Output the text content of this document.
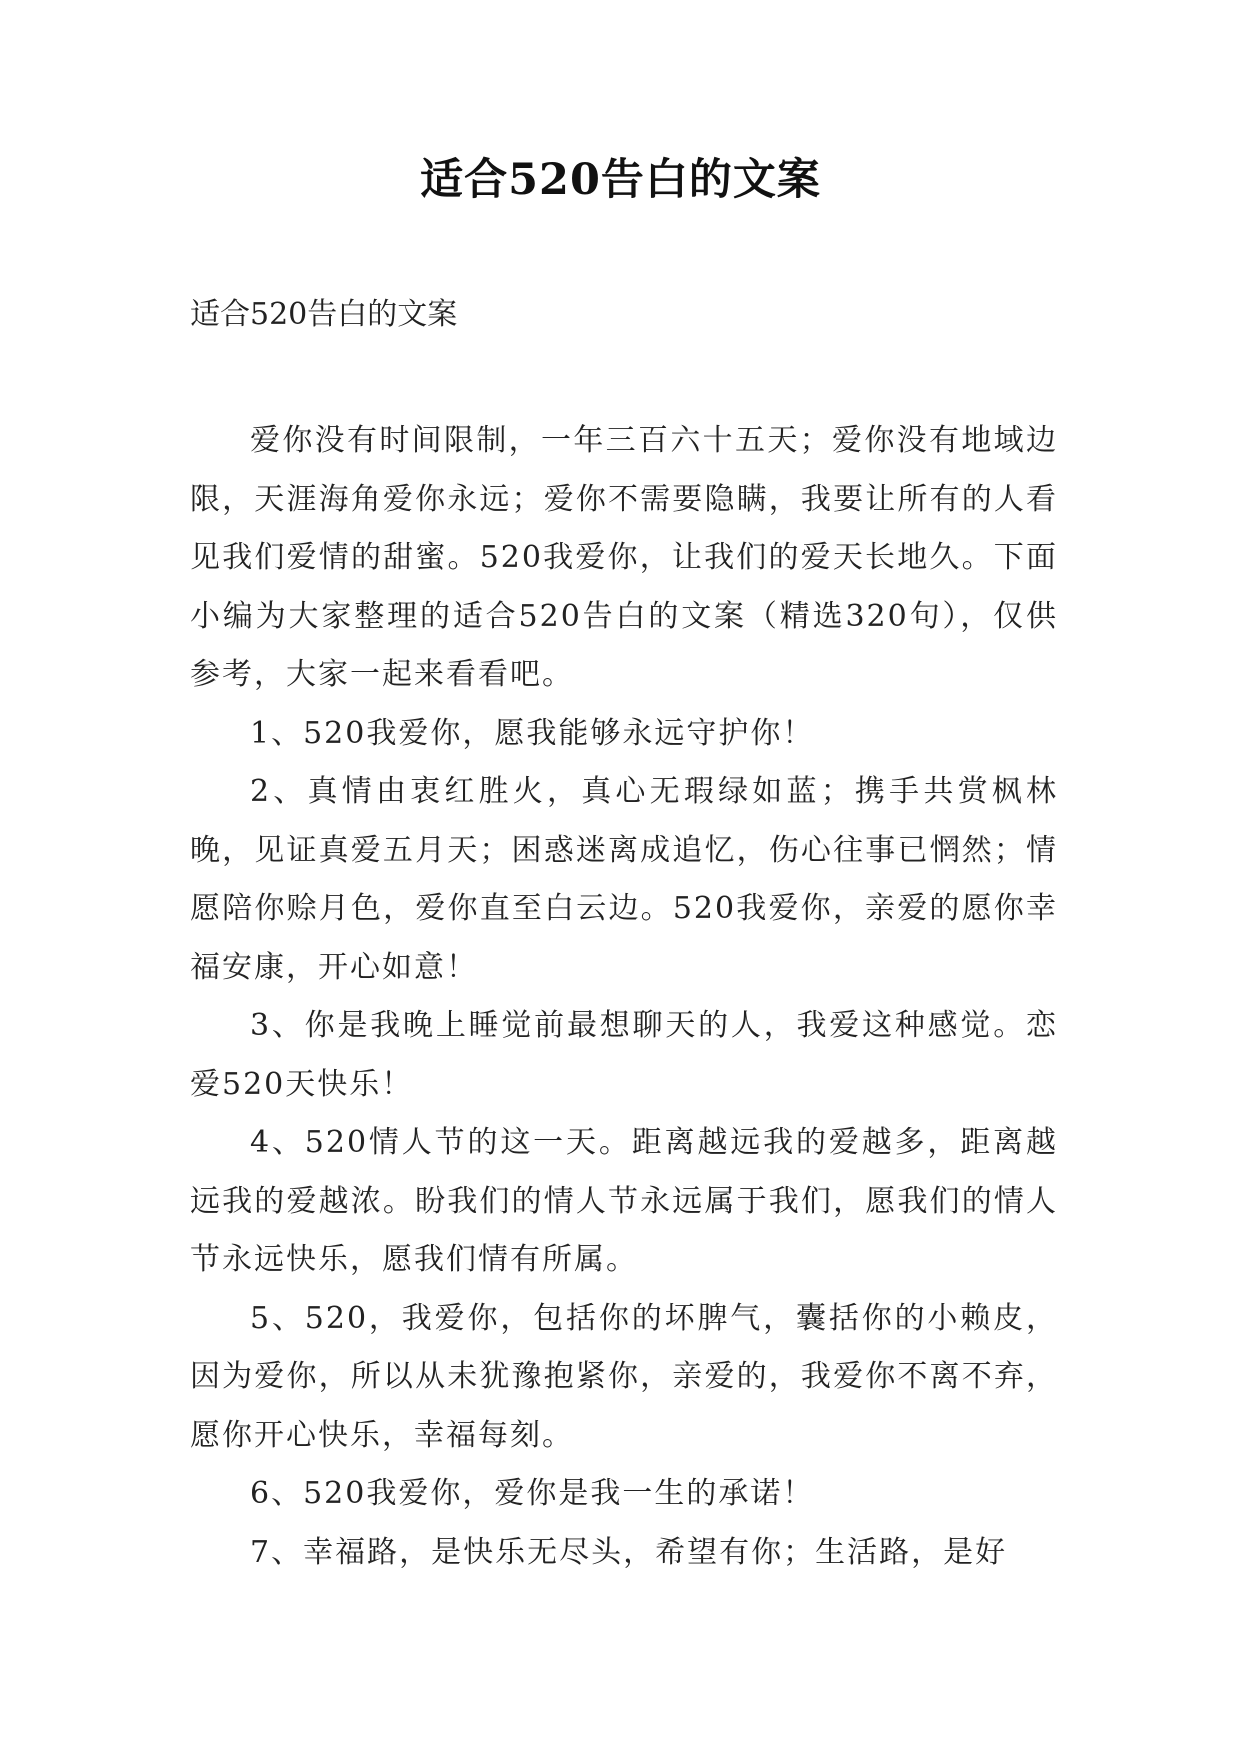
适合520告白的文案
适合520告白的文案

爱你没有时间限制，一年三百六十五天；爱你没有地域边限，天涯海角爱你永远；爱你不需要隐瞒，我要让所有的人看见我们爱情的甜蜜。520我爱你，让我们的爱天长地久。下面小编为大家整理的适合520告白的文案（精选320句），仅供参考，大家一起来看看吧。

1、520我爱你，愿我能够永远守护你！

2、真情由衷红胜火，真心无瑕绿如蓝；携手共赏枫林晚，见证真爱五月天；困惑迷离成追忆，伤心往事已惘然；情愿陪你赊月色，爱你直至白云边。520我爱你，亲爱的愿你幸福安康，开心如意！

3、你是我晚上睡觉前最想聊天的人，我爱这种感觉。恋爱520天快乐！

4、520情人节的这一天。距离越远我的爱越多，距离越远我的爱越浓。盼我们的情人节永远属于我们，愿我们的情人节永远快乐，愿我们情有所属。

5、520，我爱你，包括你的坏脾气，囊括你的小赖皮，因为爱你，所以从未犹豫抱紧你，亲爱的，我爱你不离不弃，愿你开心快乐，幸福每刻。

6、520我爱你，爱你是我一生的承诺！

7、幸福路，是快乐无尽头，希望有你；生活路，是好
